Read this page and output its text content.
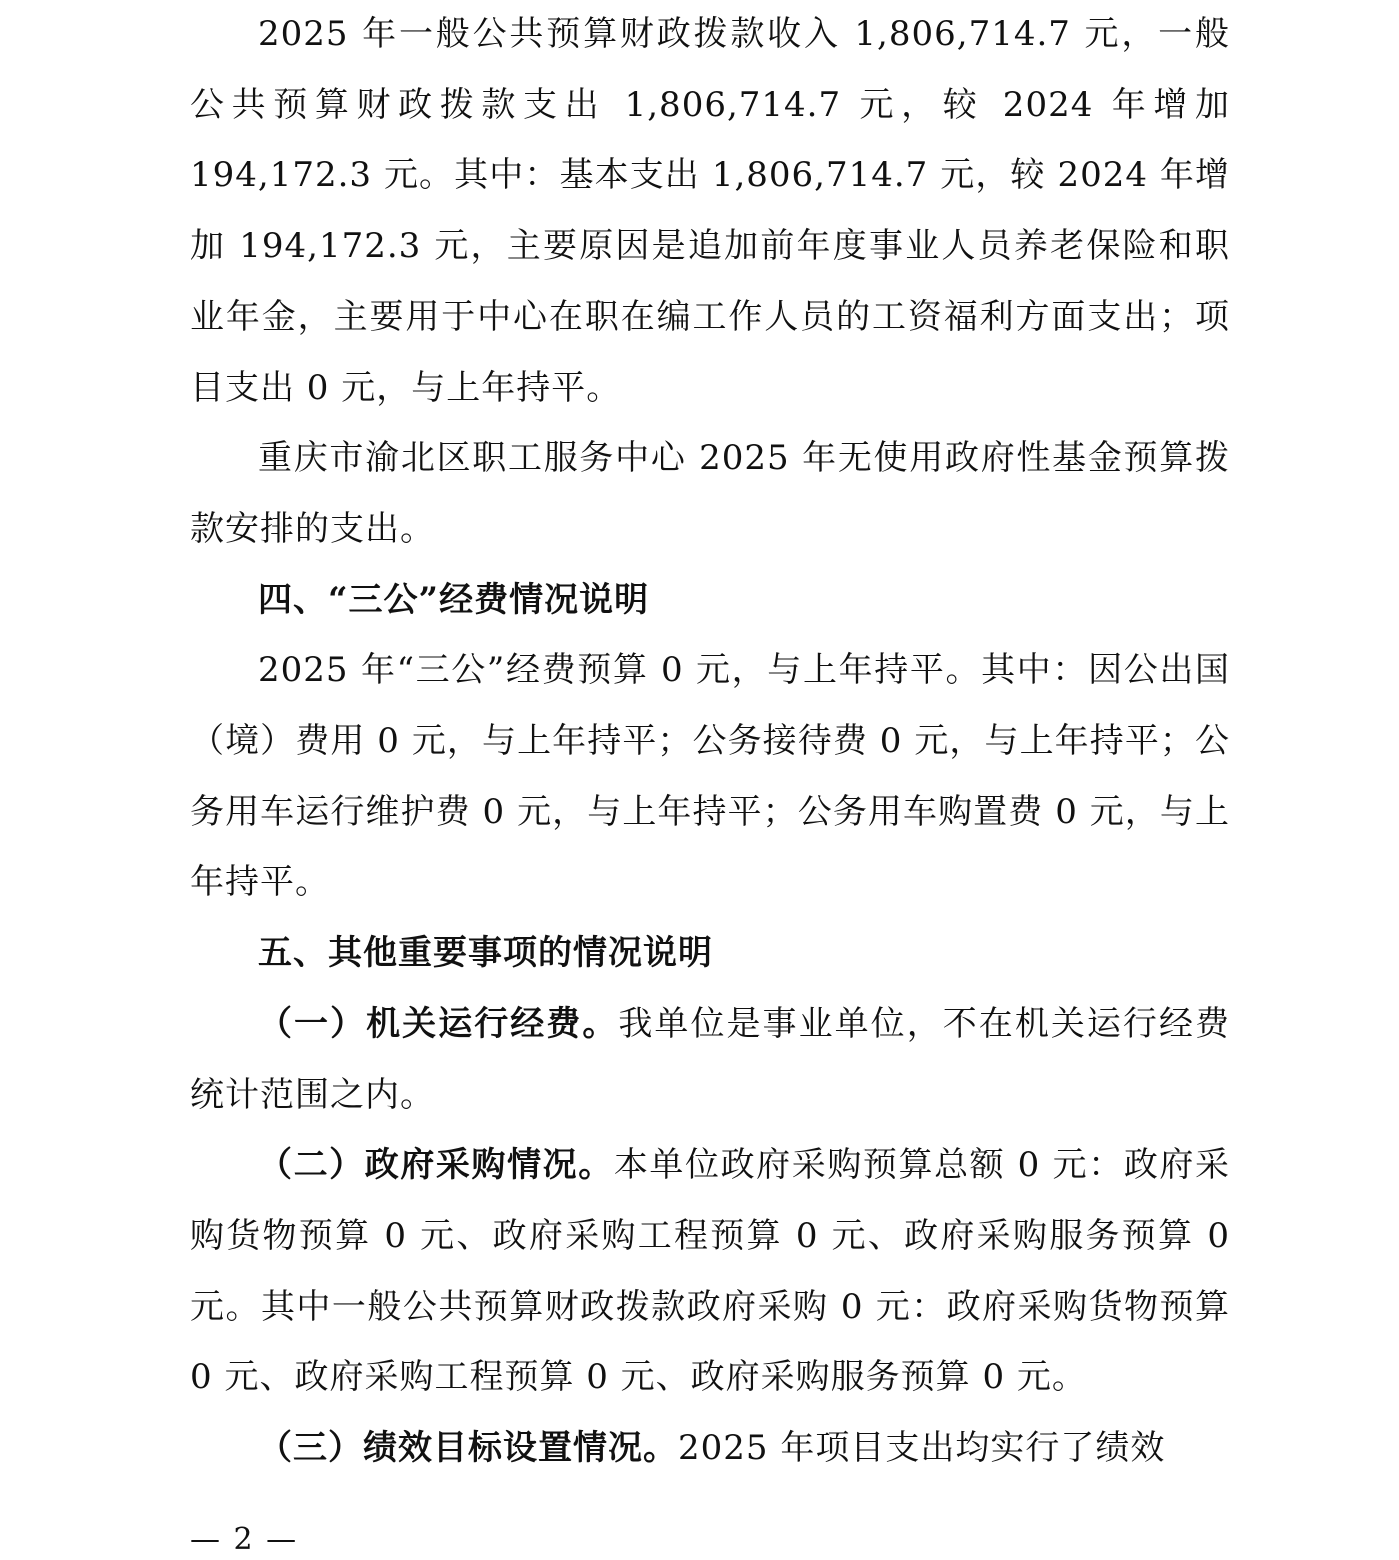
2025 年一般公共预算财政拨款收入 1,806,714.7 元，一般公共预算财政拨款支出 1,806,714.7 元，较 2024 年增加 194,172.3 元。其中：基本支出 1,806,714.7 元，较 2024 年增加 194,172.3 元，主要原因是追加前年度事业人员养老保险和职业年金，主要用于中心在职在编工作人员的工资福利方面支出；项目支出 0 元，与上年持平。

重庆市渝北区职工服务中心 2025 年无使用政府性基金预算拨款安排的支出。

四、“三公”经费情况说明

2025 年“三公”经费预算 0 元，与上年持平。其中：因公出国（境）费用 0 元，与上年持平；公务接待费 0 元，与上年持平；公务用车运行维护费 0 元，与上年持平；公务用车购置费 0 元，与上年持平。

五、其他重要事项的情况说明

（一）机关运行经费。我单位是事业单位，不在机关运行经费统计范围之内。

（二）政府采购情况。本单位政府采购预算总额 0 元：政府采购货物预算 0 元、政府采购工程预算 0 元、政府采购服务预算 0 元。其中一般公共预算财政拨款政府采购 0 元：政府采购货物预算 0 元、政府采购工程预算 0 元、政府采购服务预算 0 元。

（三）绩效目标设置情况。2025 年项目支出均实行了绩效

— 2 —
